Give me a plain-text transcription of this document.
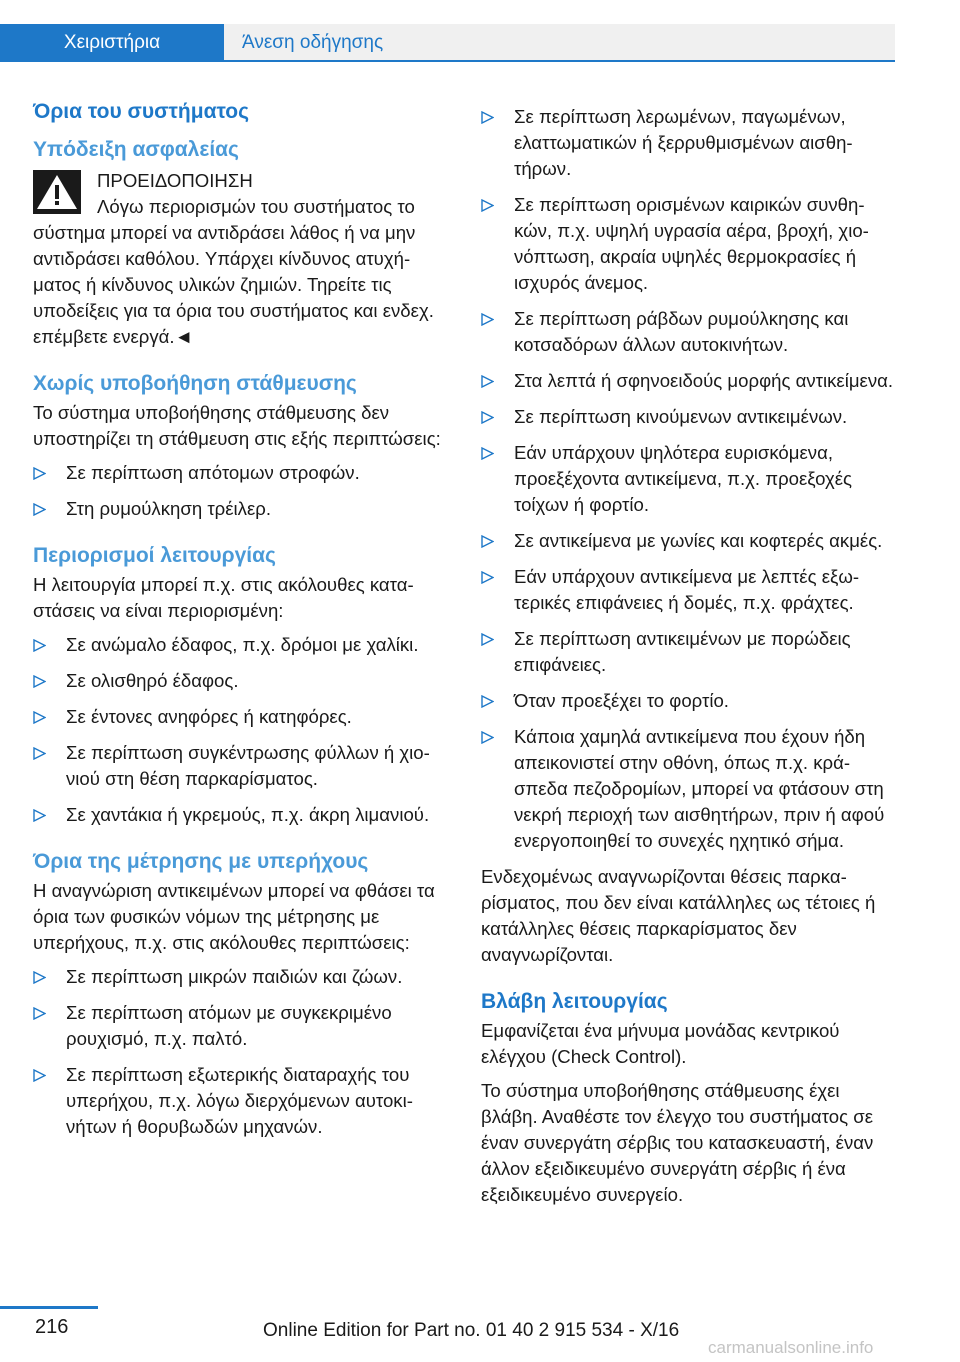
Χειριστήρια	Άνεση οδήγησης
Όρια του συστήματος
Υπόδειξη ασφαλείας
ΠΡΟΕΙΔΟΠΟΙΗΣΗ
Λόγω περιορισμών του συστήματος το σύστημα μπορεί να αντιδράσει λάθος ή να μην αντιδράσει καθόλου. Υπάρχει κίνδυνος ατυχήματος ή κίνδυνος υλικών ζημιών. Τηρείτε τις υποδείξεις για τα όρια του συστήματος και ενδεχ. επέμβετε ενεργά.◄
Χωρίς υποβοήθηση στάθμευσης

Το σύστημα υποβοήθησης στάθμευσης δεν υποστηρίζει τη στάθμευση στις εξής περιπτώσεις:

Σε περίπτωση απότομων στροφών.
Στη ρυμούλκηση τρέιλερ.
Περιορισμοί λειτουργίας

Η λειτουργία μπορεί π.χ. στις ακόλουθες καταστάσεις να είναι περιορισμένη:

Σε ανώμαλο έδαφος, π.χ. δρόμοι με χαλίκι.
Σε ολισθηρό έδαφος.
Σε έντονες ανηφόρες ή κατηφόρες.
Σε περίπτωση συγκέντρωσης φύλλων ή χιονιού στη θέση παρκαρίσματος.
Σε χαντάκια ή γκρεμούς, π.χ. άκρη λιμανιού.
Όρια της μέτρησης με υπερήχους

Η αναγνώριση αντικειμένων μπορεί να φθάσει τα όρια των φυσικών νόμων της μέτρησης με υπερήχους, π.χ. στις ακόλουθες περιπτώσεις:

Σε περίπτωση μικρών παιδιών και ζώων.
Σε περίπτωση ατόμων με συγκεκριμένο ρουχισμό, π.χ. παλτό.
Σε περίπτωση εξωτερικής διαταραχής του υπερήχου, π.χ. λόγω διερχόμενων αυτοκινήτων ή θορυβωδών μηχανών.
Σε περίπτωση λερωμένων, παγωμένων, ελαττωματικών ή ξερρυθμισμένων αισθητήρων.
Σε περίπτωση ορισμένων καιρικών συνθηκών, π.χ. υψηλή υγρασία αέρα, βροχή, χιονόπτωση, ακραία υψηλές θερμοκρασίες ή ισχυρός άνεμος.
Σε περίπτωση ράβδων ρυμούλκησης και κοτσαδόρων άλλων αυτοκινήτων.
Στα λεπτά ή σφηνοειδούς μορφής αντικείμενα.
Σε περίπτωση κινούμενων αντικειμένων.
Εάν υπάρχουν ψηλότερα ευρισκόμενα, προεξέχοντα αντικείμενα, π.χ. προεξοχές τοίχων ή φορτίο.
Σε αντικείμενα με γωνίες και κοφτερές ακμές.
Εάν υπάρχουν αντικείμενα με λεπτές εξωτερικές επιφάνειες ή δομές, π.χ. φράχτες.
Σε περίπτωση αντικειμένων με πορώδεις επιφάνειες.
Όταν προεξέχει το φορτίο.
Κάποια χαμηλά αντικείμενα που έχουν ήδη απεικονιστεί στην οθόνη, όπως π.χ. κράσπεδα πεζοδρομίων, μπορεί να φτάσουν στη νεκρή περιοχή των αισθητήρων, πριν ή αφού ενεργοποιηθεί το συνεχές ηχητικό σήμα.

Ενδεχομένως αναγνωρίζονται θέσεις παρκαρίσματος, που δεν είναι κατάλληλες ως τέτοιες ή κατάλληλες θέσεις παρκαρίσματος δεν αναγνωρίζονται.

Βλάβη λειτουργίας

Εμφανίζεται ένα μήνυμα μονάδας κεντρικού ελέγχου (Check Control).

Το σύστημα υποβοήθησης στάθμευσης έχει βλάβη. Αναθέστε τον έλεγχο του συστήματος σε έναν συνεργάτη σέρβις του κατασκευαστή, έναν άλλον εξειδικευμένο συνεργάτη σέρβις ή ένα εξειδικευμένο συνεργείο.

216	Online Edition for Part no. 01 40 2 915 534 - X/16
carmanualsonline.info
